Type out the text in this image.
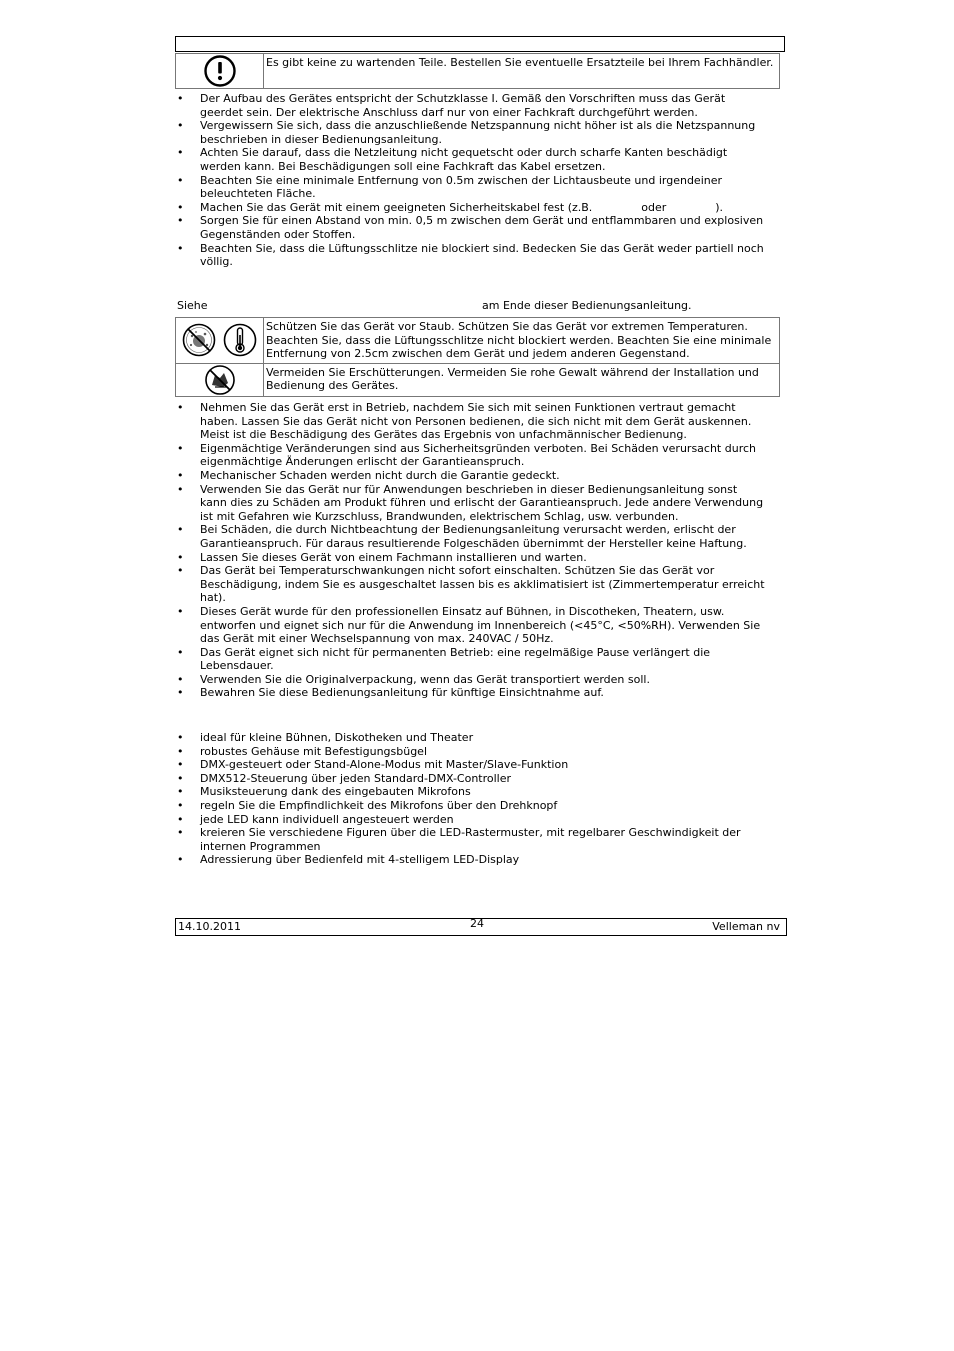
	Es gibt keine zu wartenden Teile. Bestellen Sie eventuelle Ersatzteile bei Ihrem Fachhändler.
• Der Aufbau des Gerätes entspricht der Schutzklasse I. Gemäß den Vorschriften muss das Gerät geerdet sein. Der elektrische Anschluss darf nur von einer Fachkraft durchgeführt werden.
• Vergewissern Sie sich, dass die anzuschließende Netzspannung nicht höher ist als die Netzspannung beschrieben in dieser Bedienungsanleitung.
• Achten Sie darauf, dass die Netzleitung nicht gequetscht oder durch scharfe Kanten beschädigt werden kann. Bei Beschädigungen soll eine Fachkraft das Kabel ersetzen.
• Beachten Sie eine minimale Entfernung von 0.5m zwischen der Lichtausbeute und irgendeiner beleuchteten Fläche.
• Machen Sie das Gerät mit einem geeigneten Sicherheitskabel fest (z.B.              oder              ).
• Sorgen Sie für einen Abstand von min. 0,5 m zwischen dem Gerät und entflammbaren und explosiven Gegenständen oder Stoffen.
• Beachten Sie, dass die Lüftungsschlitze nie blockiert sind. Bedecken Sie das Gerät weder partiell noch völlig.
Siehe	am Ende dieser Bedienungsanleitung.
	Schützen Sie das Gerät vor Staub. Schützen Sie das Gerät vor extremen Temperaturen. Beachten Sie, dass die Lüftungsschlitze nicht blockiert werden. Beachten Sie eine minimale Entfernung von 2.5cm zwischen dem Gerät und jedem anderen Gegenstand.
	Vermeiden Sie Erschütterungen. Vermeiden Sie rohe Gewalt während der Installation und Bedienung des Gerätes.
• Nehmen Sie das Gerät erst in Betrieb, nachdem Sie sich mit seinen Funktionen vertraut gemacht haben. Lassen Sie das Gerät nicht von Personen bedienen, die sich nicht mit dem Gerät auskennen. Meist ist die Beschädigung des Gerätes das Ergebnis von unfachmännischer Bedienung.
• Eigenmächtige Veränderungen sind aus Sicherheitsgründen verboten. Bei Schäden verursacht durch eigenmächtige Änderungen erlischt der Garantieanspruch.
• Mechanischer Schaden werden nicht durch die Garantie gedeckt.
• Verwenden Sie das Gerät nur für Anwendungen beschrieben in dieser Bedienungsanleitung sonst kann dies zu Schäden am Produkt führen und erlischt der Garantieanspruch. Jede andere Verwendung ist mit Gefahren wie Kurzschluss, Brandwunden, elektrischem Schlag, usw. verbunden.
• Bei Schäden, die durch Nichtbeachtung der Bedienungsanleitung verursacht werden, erlischt der Garantieanspruch. Für daraus resultierende Folgeschäden übernimmt der Hersteller keine Haftung.
• Lassen Sie dieses Gerät von einem Fachmann installieren und warten.
• Das Gerät bei Temperaturschwankungen nicht sofort einschalten. Schützen Sie das Gerät vor Beschädigung, indem Sie es ausgeschaltet lassen bis es akklimatisiert ist (Zimmertemperatur erreicht hat).
• Dieses Gerät wurde für den professionellen Einsatz auf Bühnen, in Discotheken, Theatern, usw. entworfen und eignet sich nur für die Anwendung im Innenbereich (<45°C, <50%RH). Verwenden Sie das Gerät mit einer Wechselspannung von max. 240VAC / 50Hz.
• Das Gerät eignet sich nicht für permanenten Betrieb: eine regelmäßige Pause verlängert die Lebensdauer.
• Verwenden Sie die Originalverpackung, wenn das Gerät transportiert werden soll.
• Bewahren Sie diese Bedienungsanleitung für künftige Einsichtnahme auf.
• ideal für kleine Bühnen, Diskotheken und Theater
• robustes Gehäuse mit Befestigungsbügel
• DMX-gesteuert oder Stand-Alone-Modus mit Master/Slave-Funktion
• DMX512-Steuerung über jeden Standard-DMX-Controller
• Musiksteuerung dank des eingebauten Mikrofons
• regeln Sie die Empfindlichkeit des Mikrofons über den Drehknopf
• jede LED kann individuell angesteuert werden
• kreieren Sie verschiedene Figuren über die LED-Rastermuster, mit regelbarer Geschwindigkeit der internen Programmen
• Adressierung über Bedienfeld mit 4-stelligem LED-Display
14.10.2011	24	Velleman nv
